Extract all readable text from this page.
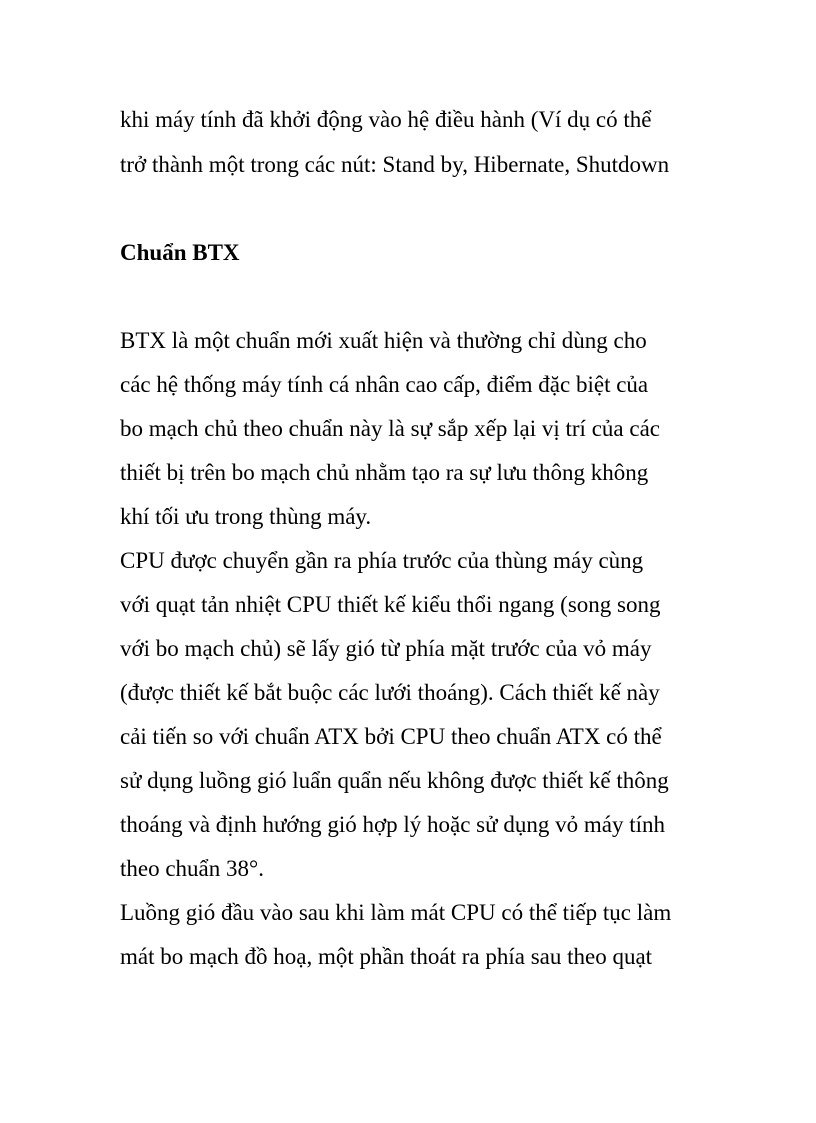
khi máy tính đã khởi động vào hệ điều hành (Ví dụ có thể
trở thành một trong các nút: Stand by, Hibernate, Shutdown
Chuẩn BTX
BTX là một chuẩn mới xuất hiện và thường chỉ dùng cho
các hệ thống máy tính cá nhân cao cấp, điểm đặc biệt của
bo mạch chủ theo chuẩn này là sự sắp xếp lại vị trí của các
thiết bị trên bo mạch chủ nhằm tạo ra sự lưu thông không
khí tối ưu trong thùng máy.
CPU được chuyển gần ra phía trước của thùng máy cùng
với quạt tản nhiệt CPU thiết kế kiểu thổi ngang (song song
với bo mạch chủ) sẽ lấy gió từ phía mặt trước của vỏ máy
(được thiết kế bắt buộc các lưới thoáng). Cách thiết kế này
cải tiến so với chuẩn ATX bởi CPU theo chuẩn ATX có thể
sử dụng luồng gió luẩn quẩn nếu không được thiết kế thông
thoáng và định hướng gió hợp lý hoặc sử dụng vỏ máy tính
theo chuẩn 38°.
Luồng gió đầu vào sau khi làm mát CPU có thể tiếp tục làm
mát bo mạch đồ hoạ, một phần thoát ra phía sau theo quạt
